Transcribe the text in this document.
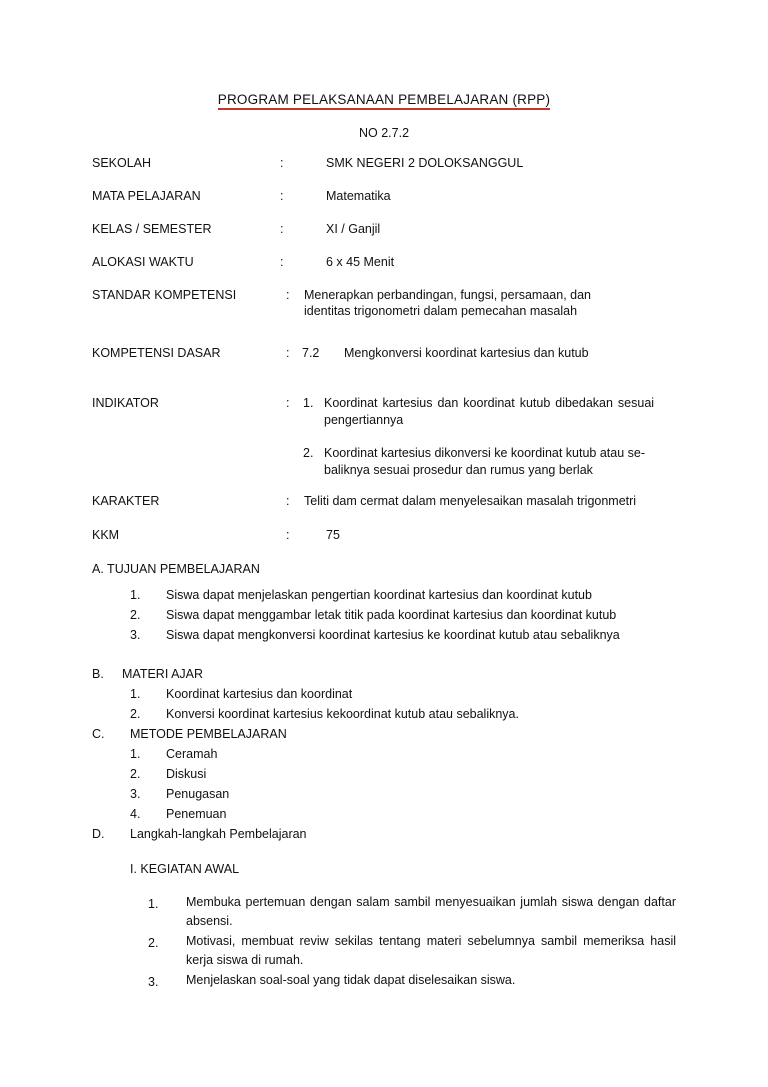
PROGRAM PELAKSANAAN PEMBELAJARAN (RPP)
NO 2.7.2
SEKOLAH	:	SMK NEGERI 2 DOLOKSANGGUL
MATA PELAJARAN	:	Matematika
KELAS / SEMESTER	:	XI / Ganjil
ALOKASI WAKTU	:	6 x 45 Menit
STANDAR KOMPETENSI	: Menerapkan perbandingan, fungsi, persamaan, dan
identitas trigonometri dalam pemecahan masalah
KOMPETENSI DASAR	: 7.2 Mengkonversi koordinat kartesius dan kutub
INDIKATOR	: 1. Koordinat kartesius dan koordinat kutub dibedakan sesuai
pengertiannya
2. Koordinat kartesius dikonversi ke koordinat kutub atau se-
baliknya sesuai prosedur dan rumus yang berlak
KARAKTER	: Teliti dam cermat dalam menyelesaikan masalah trigonmetri
KKM	:	75
A. TUJUAN PEMBELAJARAN
1. Siswa dapat menjelaskan pengertian koordinat kartesius dan koordinat kutub
2. Siswa dapat menggambar letak titik pada koordinat kartesius dan koordinat kutub
3. Siswa dapat mengkonversi koordinat kartesius ke koordinat kutub atau sebaliknya
B. MATERI AJAR
1. Koordinat kartesius dan koordinat
2. Konversi koordinat kartesius kekoordinat kutub atau sebaliknya.
C. METODE PEMBELAJARAN
1. Ceramah
2. Diskusi
3. Penugasan
4. Penemuan
D. Langkah-langkah Pembelajaran
I. KEGIATAN AWAL
1. Membuka pertemuan dengan salam sambil menyesuaikan jumlah siswa dengan daftar absensi.
2. Motivasi, membuat reviw sekilas tentang materi sebelumnya sambil memeriksa hasil kerja siswa di rumah.
3. Menjelaskan soal-soal yang tidak dapat diselesaikan siswa.
